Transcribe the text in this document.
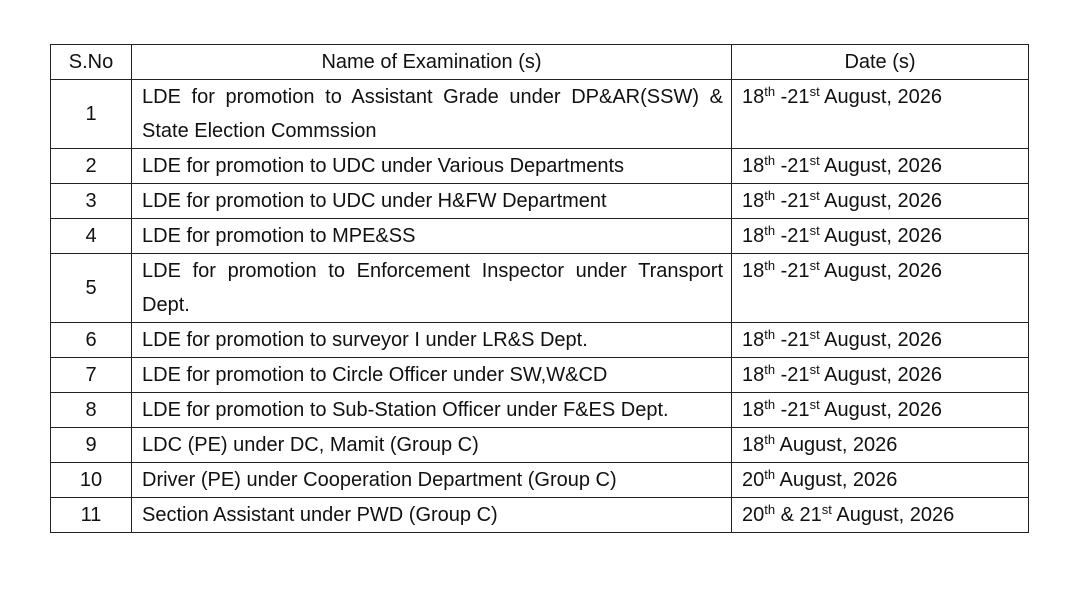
S.No	Name of Examination (s)	Date (s)
1	LDE for promotion to Assistant Grade under DP&AR(SSW) & State Election Commssion	18th -21st August, 2026
2	LDE for promotion to UDC under Various Departments	18th -21st August, 2026
3	LDE for promotion to UDC under H&FW Department	18th -21st August, 2026
4	LDE for promotion to MPE&SS	18th -21st August, 2026
5	LDE for promotion to Enforcement Inspector under Transport Dept.	18th -21st August, 2026
6	LDE for promotion to surveyor I under LR&S Dept.	18th -21st August, 2026
7	LDE for promotion to Circle Officer under SW,W&CD	18th -21st August, 2026
8	LDE for promotion to Sub-Station Officer under F&ES Dept.	18th -21st August, 2026
9	LDC (PE) under DC, Mamit (Group C)	18th August, 2026
10	Driver (PE) under Cooperation Department (Group C)	20th August, 2026
11	Section Assistant under PWD (Group C)	20th & 21st August, 2026
